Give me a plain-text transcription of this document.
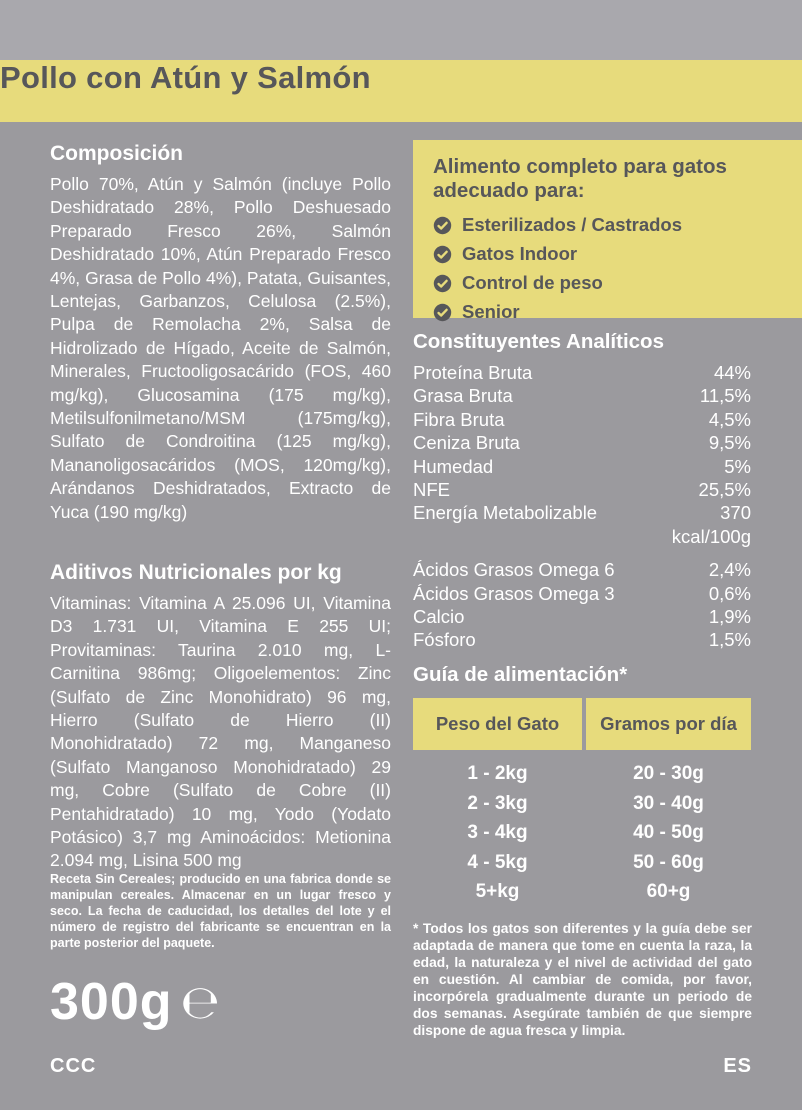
Pollo con Atún y Salmón
Composición

Pollo 70%, Atún y Salmón (incluye Pollo Deshidratado 28%, Pollo Deshuesado Preparado Fresco 26%, Salmón Deshidratado 10%, Atún Preparado Fresco 4%, Grasa de Pollo 4%), Patata, Guisantes, Lentejas, Garbanzos, Celulosa (2.5%), Pulpa de Remolacha 2%, Salsa de Hidrolizado de Hígado, Aceite de Salmón, Minerales, Fructooligosacárido (FOS, 460 mg/kg), Glucosamina (175 mg/kg), Metilsulfonilmetano/MSM (175mg/kg), Sulfato de Condroitina (125 mg/kg), Mananoligosacáridos (MOS, 120mg/kg), Arándanos Deshidratados, Extracto de Yuca (190 mg/kg)

Aditivos Nutricionales por kg

Vitaminas: Vitamina A 25.096 UI, Vitamina D3 1.731 UI, Vitamina E 255 UI; Provitaminas: Taurina 2.010 mg, L-Carnitina 986mg; Oligoelementos: Zinc (Sulfato de Zinc Monohidrato) 96 mg, Hierro (Sulfato de Hierro (II) Monohidratado) 72 mg, Manganeso (Sulfato Manganoso Monohidratado) 29 mg, Cobre (Sulfato de Cobre (II) Pentahidratado) 10 mg, Yodo (Yodato Potásico) 3,7 mg Aminoácidos: Metionina 2.094 mg, Lisina 500 mg

Receta Sin Cereales; producido en una fabrica donde se manipulan cereales. Almacenar en un lugar fresco y seco. La fecha de caducidad, los detalles del lote y el número de registro del fabricante se encuentran en la parte posterior del paquete.
300g ℮
CCC	ES

Alimento completo para gatos adecuado para:

Esterilizados / Castrados
Gatos Indoor
Control de peso
Senior
Constituyentes Analíticos
Proteína Bruta	44%
Grasa Bruta	11,5%
Fibra Bruta	4,5%
Ceniza Bruta	9,5%
Humedad	5%
NFE	25,5%
Energía Metabolizable	370
kcal/100g
Ácidos Grasos Omega 6	2,4%
Ácidos Grasos Omega 3	0,6%
Calcio	1,9%
Fósforo	1,5%
Guía de alimentación*
Peso del Gato	Gramos por día
1 - 2kg	20 - 30g
2 - 3kg	30 - 40g
3 - 4kg	40 - 50g
4 - 5kg	50 - 60g
5+kg	60+g
* Todos los gatos son diferentes y la guía debe ser adaptada de manera que tome en cuenta la raza, la edad, la naturaleza y el nivel de actividad del gato en cuestión. Al cambiar de comida, por favor, incorpórela gradualmente durante un periodo de dos semanas. Asegúrate también de que siempre dispone de agua fresca y limpia.
